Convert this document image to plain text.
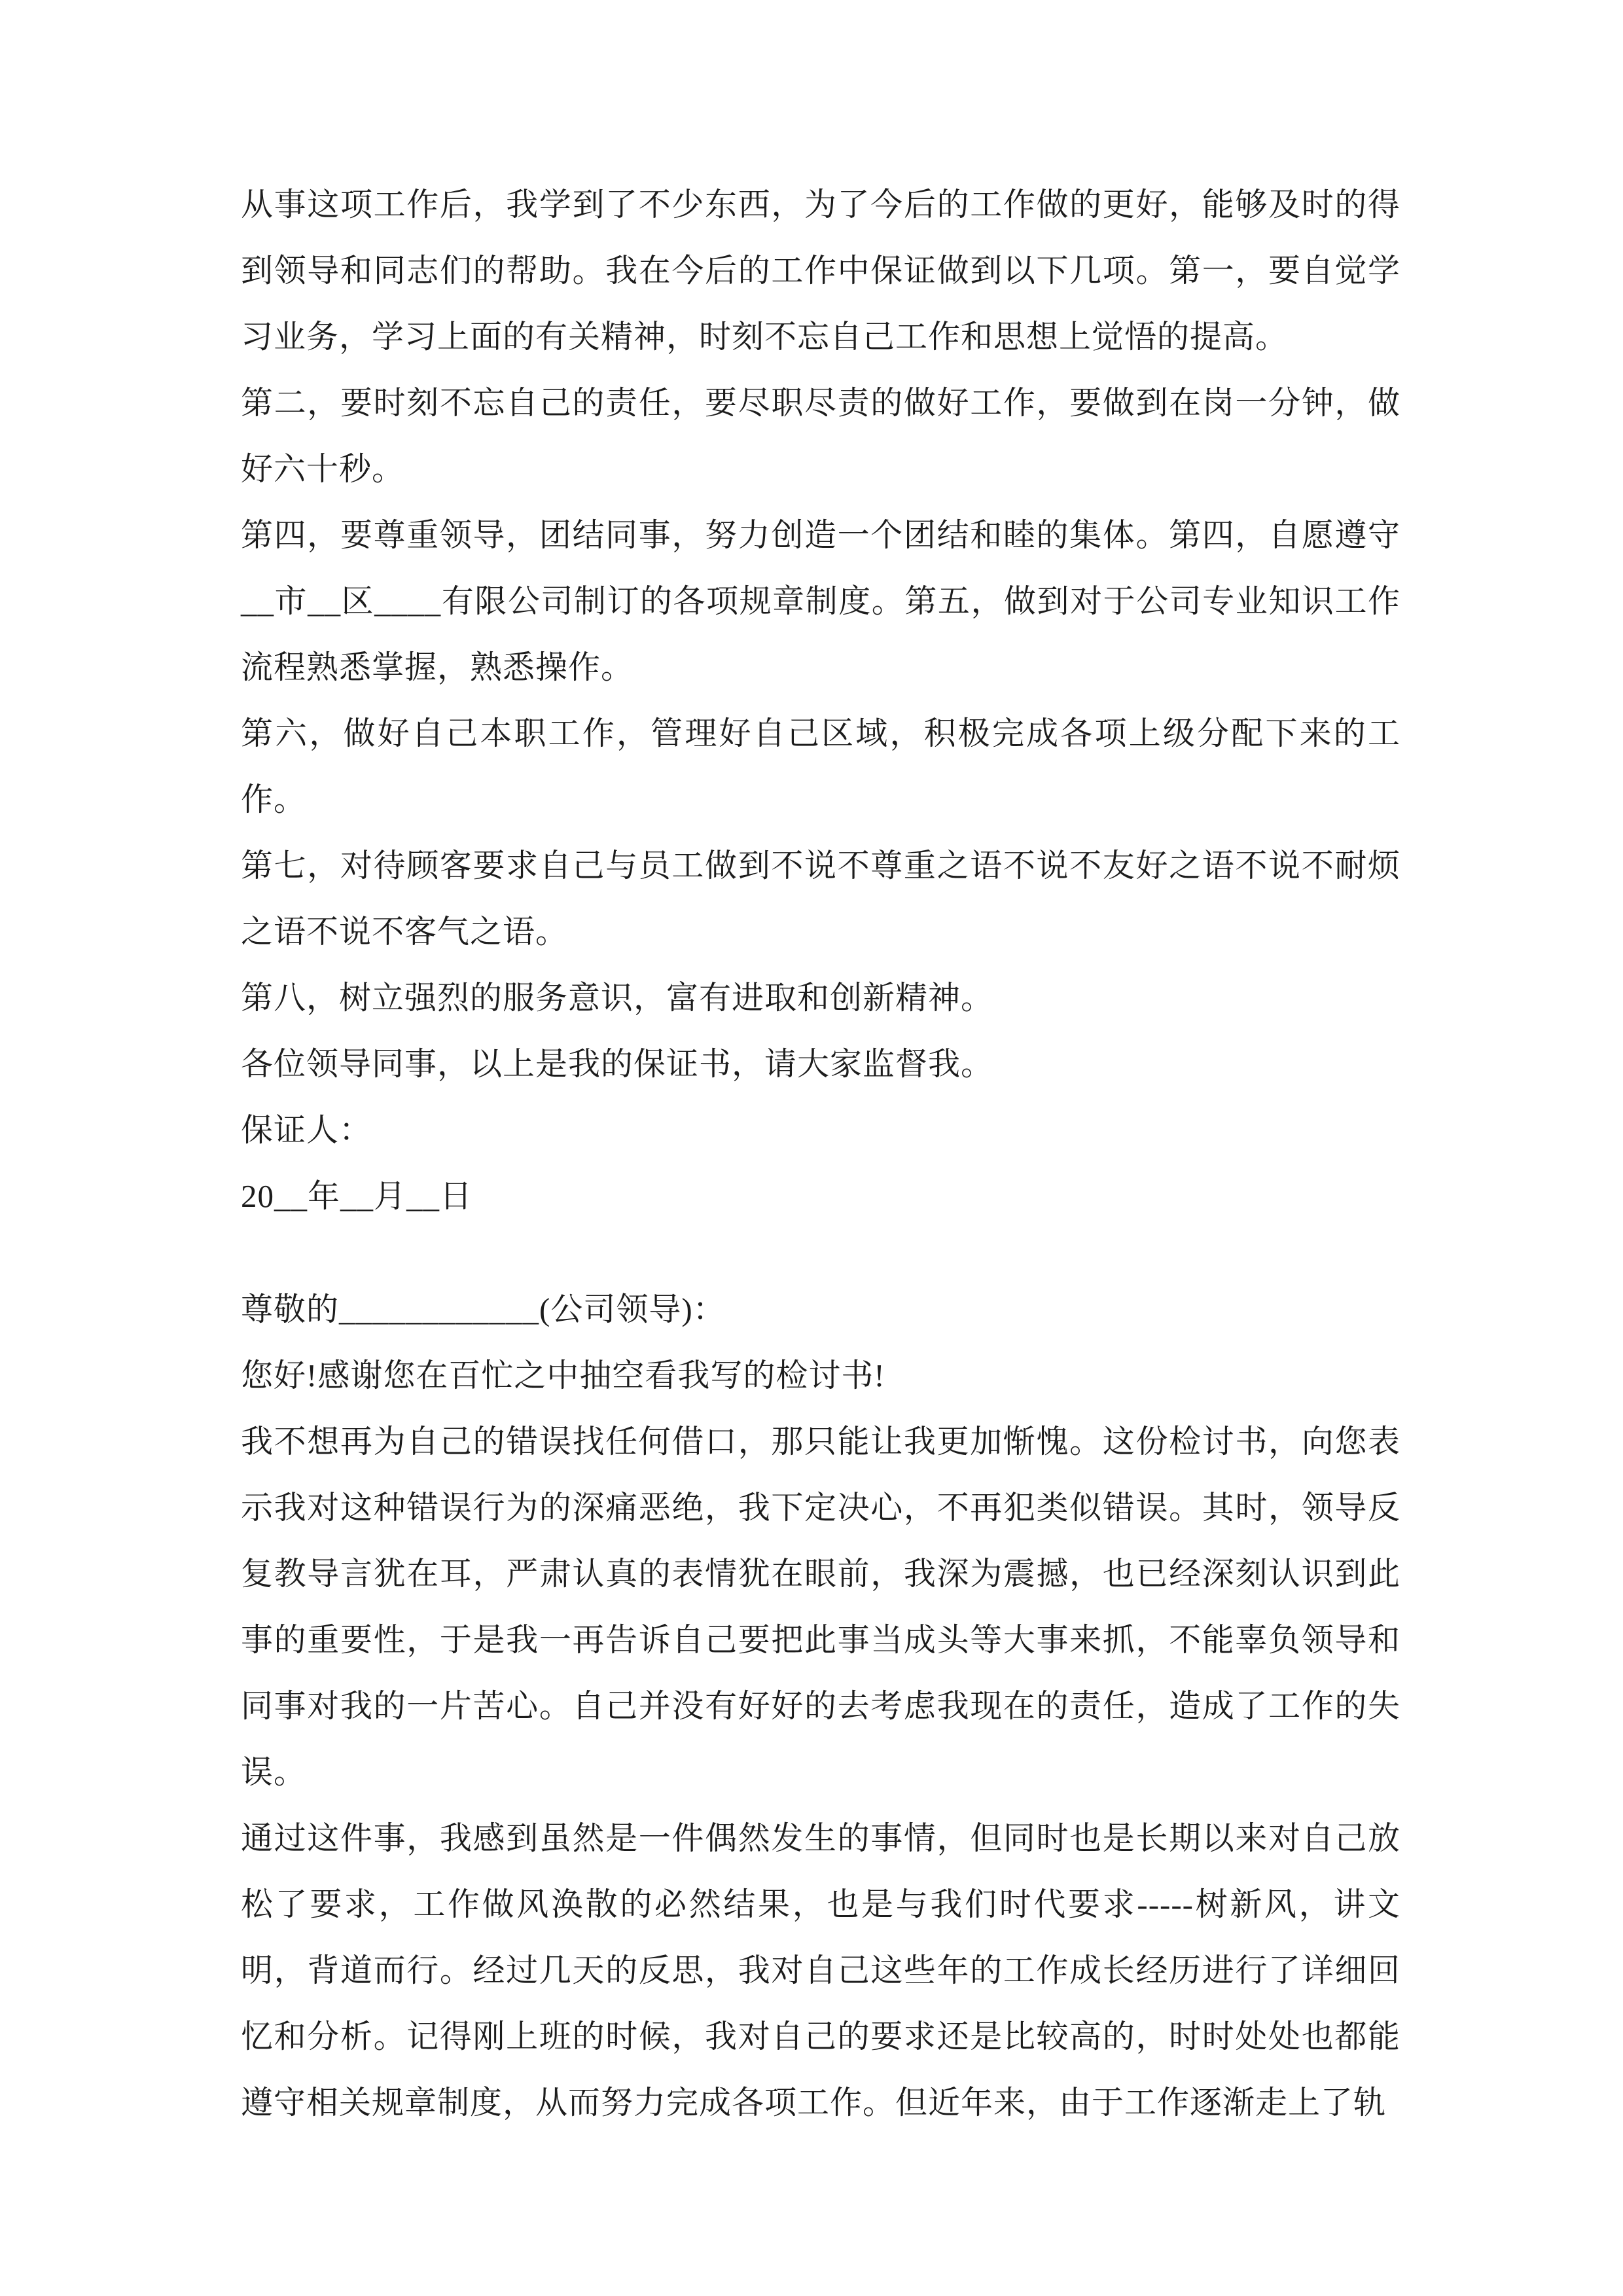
从事这项工作后，我学到了不少东西，为了今后的工作做的更好，能够及时的得到领导和同志们的帮助。我在今后的工作中保证做到以下几项。第一，要自觉学习业务，学习上面的有关精神，时刻不忘自己工作和思想上觉悟的提高。

第二，要时刻不忘自己的责任，要尽职尽责的做好工作，要做到在岗一分钟，做好六十秒。

第四，要尊重领导，团结同事，努力创造一个团结和睦的集体。第四，自愿遵守__市__区____有限公司制订的各项规章制度。第五，做到对于公司专业知识工作流程熟悉掌握，熟悉操作。

第六，做好自己本职工作，管理好自己区域，积极完成各项上级分配下来的工作。

第七，对待顾客要求自己与员工做到不说不尊重之语不说不友好之语不说不耐烦之语不说不客气之语。

第八，树立强烈的服务意识，富有进取和创新精神。

各位领导同事，以上是我的保证书，请大家监督我。

保证人：

20__年__月__日

尊敬的____________(公司领导)：

您好!感谢您在百忙之中抽空看我写的检讨书!

我不想再为自己的错误找任何借口，那只能让我更加惭愧。这份检讨书，向您表示我对这种错误行为的深痛恶绝，我下定决心，不再犯类似错误。其时，领导反复教导言犹在耳，严肃认真的表情犹在眼前，我深为震撼，也已经深刻认识到此事的重要性，于是我一再告诉自己要把此事当成头等大事来抓，不能辜负领导和同事对我的一片苦心。自己并没有好好的去考虑我现在的责任，造成了工作的失误。

通过这件事，我感到虽然是一件偶然发生的事情，但同时也是长期以来对自己放松了要求，工作做风涣散的必然结果，也是与我们时代要求-----树新风，讲文明，背道而行。经过几天的反思，我对自己这些年的工作成长经历进行了详细回忆和分析。记得刚上班的时候，我对自己的要求还是比较高的，时时处处也都能遵守相关规章制度，从而努力完成各项工作。但近年来，由于工作逐渐走上了轨
